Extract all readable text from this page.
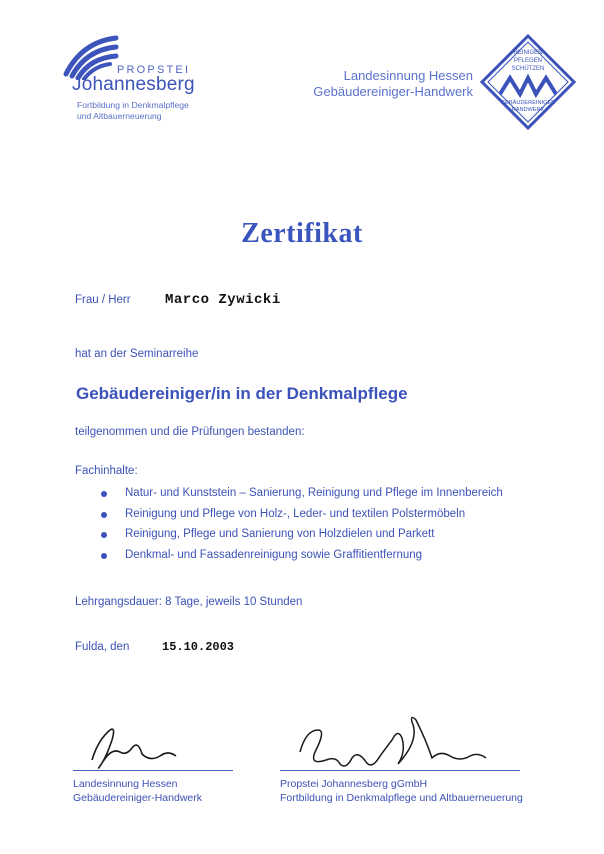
PROPSTEI
Johannesberg
Fortbildung in Denkmalpflege
und Altbauerneuerung
Landesinnung Hessen
Gebäudereiniger-Handwerk
REINIGEN
PFLEGEN
SCHÜTZEN
GEBÄUDEREINIGER
HANDWERK
Zertifikat
Frau / Herr Marco Zywicki
hat an der Seminarreihe
Gebäudereiniger/in in der Denkmalpflege
teilgenommen und die Prüfungen bestanden:
Fachinhalte:
Natur- und Kunststein – Sanierung, Reinigung und Pflege im Innenbereich
Reinigung und Pflege von Holz-, Leder- und textilen Polstermöbeln
Reinigung, Pflege und Sanierung von Holzdielen und Parkett
Denkmal- und Fassadenreinigung sowie Graffitientfernung
Lehrgangsdauer: 8 Tage, jeweils 10 Stunden
Fulda, den	15.10.2003
Landesinnung Hessen
Gebäudereiniger-Handwerk
Propstei Johannesberg gGmbH
Fortbildung in Denkmalpflege und Altbauerneuerung
